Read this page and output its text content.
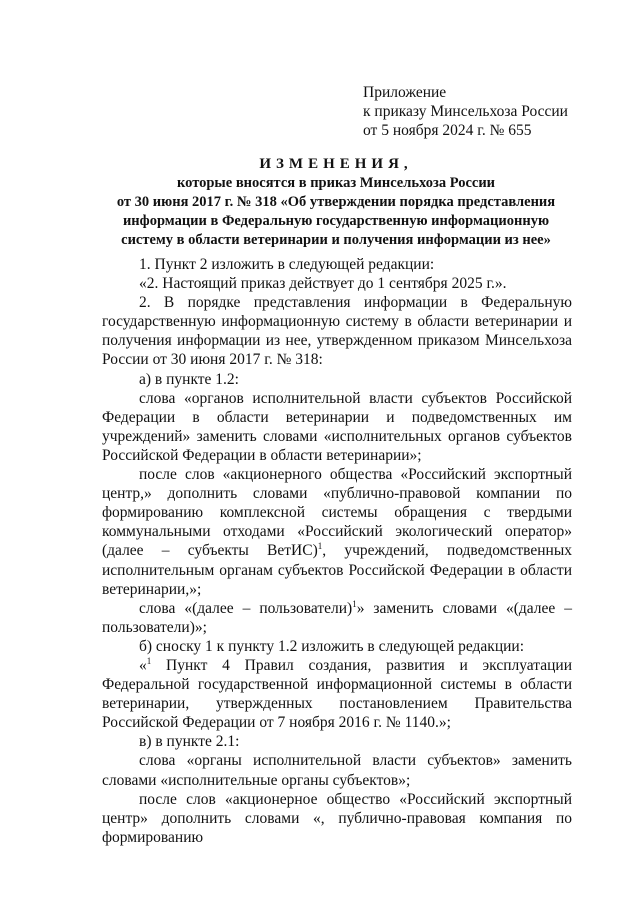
Приложение
к приказу Минсельхоза России
от 5 ноября 2024 г. № 655
ИЗМЕНЕНИЯ,
которые вносятся в приказ Минсельхоза России
от 30 июня 2017 г. № 318 «Об утверждении порядка представления
информации в Федеральную государственную информационную
систему в области ветеринарии и получения информации из нее»

1. Пункт 2 изложить в следующей редакции:

«2. Настоящий приказ действует до 1 сентября 2025 г.».

2. В порядке представления информации в Федеральную государственную информационную систему в области ветеринарии и получения информации из нее, утвержденном приказом Минсельхоза России от 30 июня 2017 г. № 318:

а) в пункте 1.2:

слова «органов исполнительной власти субъектов Российской Федерации в области ветеринарии и подведомственных им учреждений» заменить словами «исполнительных органов субъектов Российской Федерации в области ветеринарии»;

после слов «акционерного общества «Российский экспортный центр,» дополнить словами «публично-правовой компании по формированию комплексной системы обращения с твердыми коммунальными отходами «Российский экологический оператор» (далее – субъекты ВетИС)$^1$, учреждений, подведомственных исполнительным органам субъектов Российской Федерации в области ветеринарии,»;

слова «(далее – пользователи)$^1$» заменить словами «(далее – пользователи)»;

б) сноску 1 к пункту 1.2 изложить в следующей редакции:

«$^1$ Пункт 4 Правил создания, развития и эксплуатации Федеральной государственной информационной системы в области ветеринарии, утвержденных постановлением Правительства Российской Федерации от 7 ноября 2016 г. № 1140.»;

в) в пункте 2.1:

слова «органы исполнительной власти субъектов» заменить словами «исполнительные органы субъектов»;

после слов «акционерное общество «Российский экспортный центр» дополнить словами «, публично-правовая компания по формированию
